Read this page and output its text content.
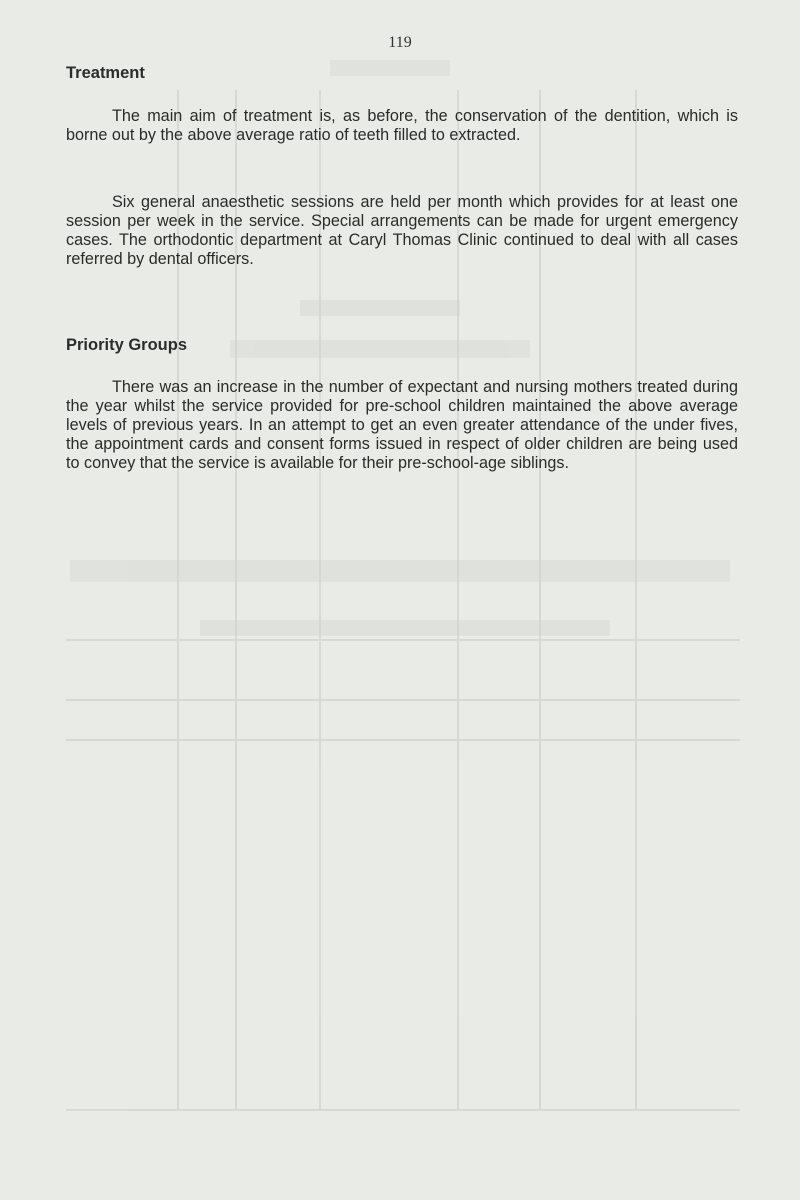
119
Treatment

The main aim of treatment is, as before, the conservation of the dentition, which is borne out by the above average ratio of teeth filled to extracted.

Six general anaesthetic sessions are held per month which provides for at least one session per week in the service. Special arrangements can be made for urgent emergency cases. The orthodontic department at Caryl Thomas Clinic continued to deal with all cases referred by dental officers.

Priority Groups

There was an increase in the number of expectant and nursing mothers treated during the year whilst the service provided for pre-school children maintained the above average levels of previous years. In an attempt to get an even greater attendance of the under fives, the appointment cards and consent forms issued in respect of older children are being used to convey that the service is available for their pre-school-age siblings.
